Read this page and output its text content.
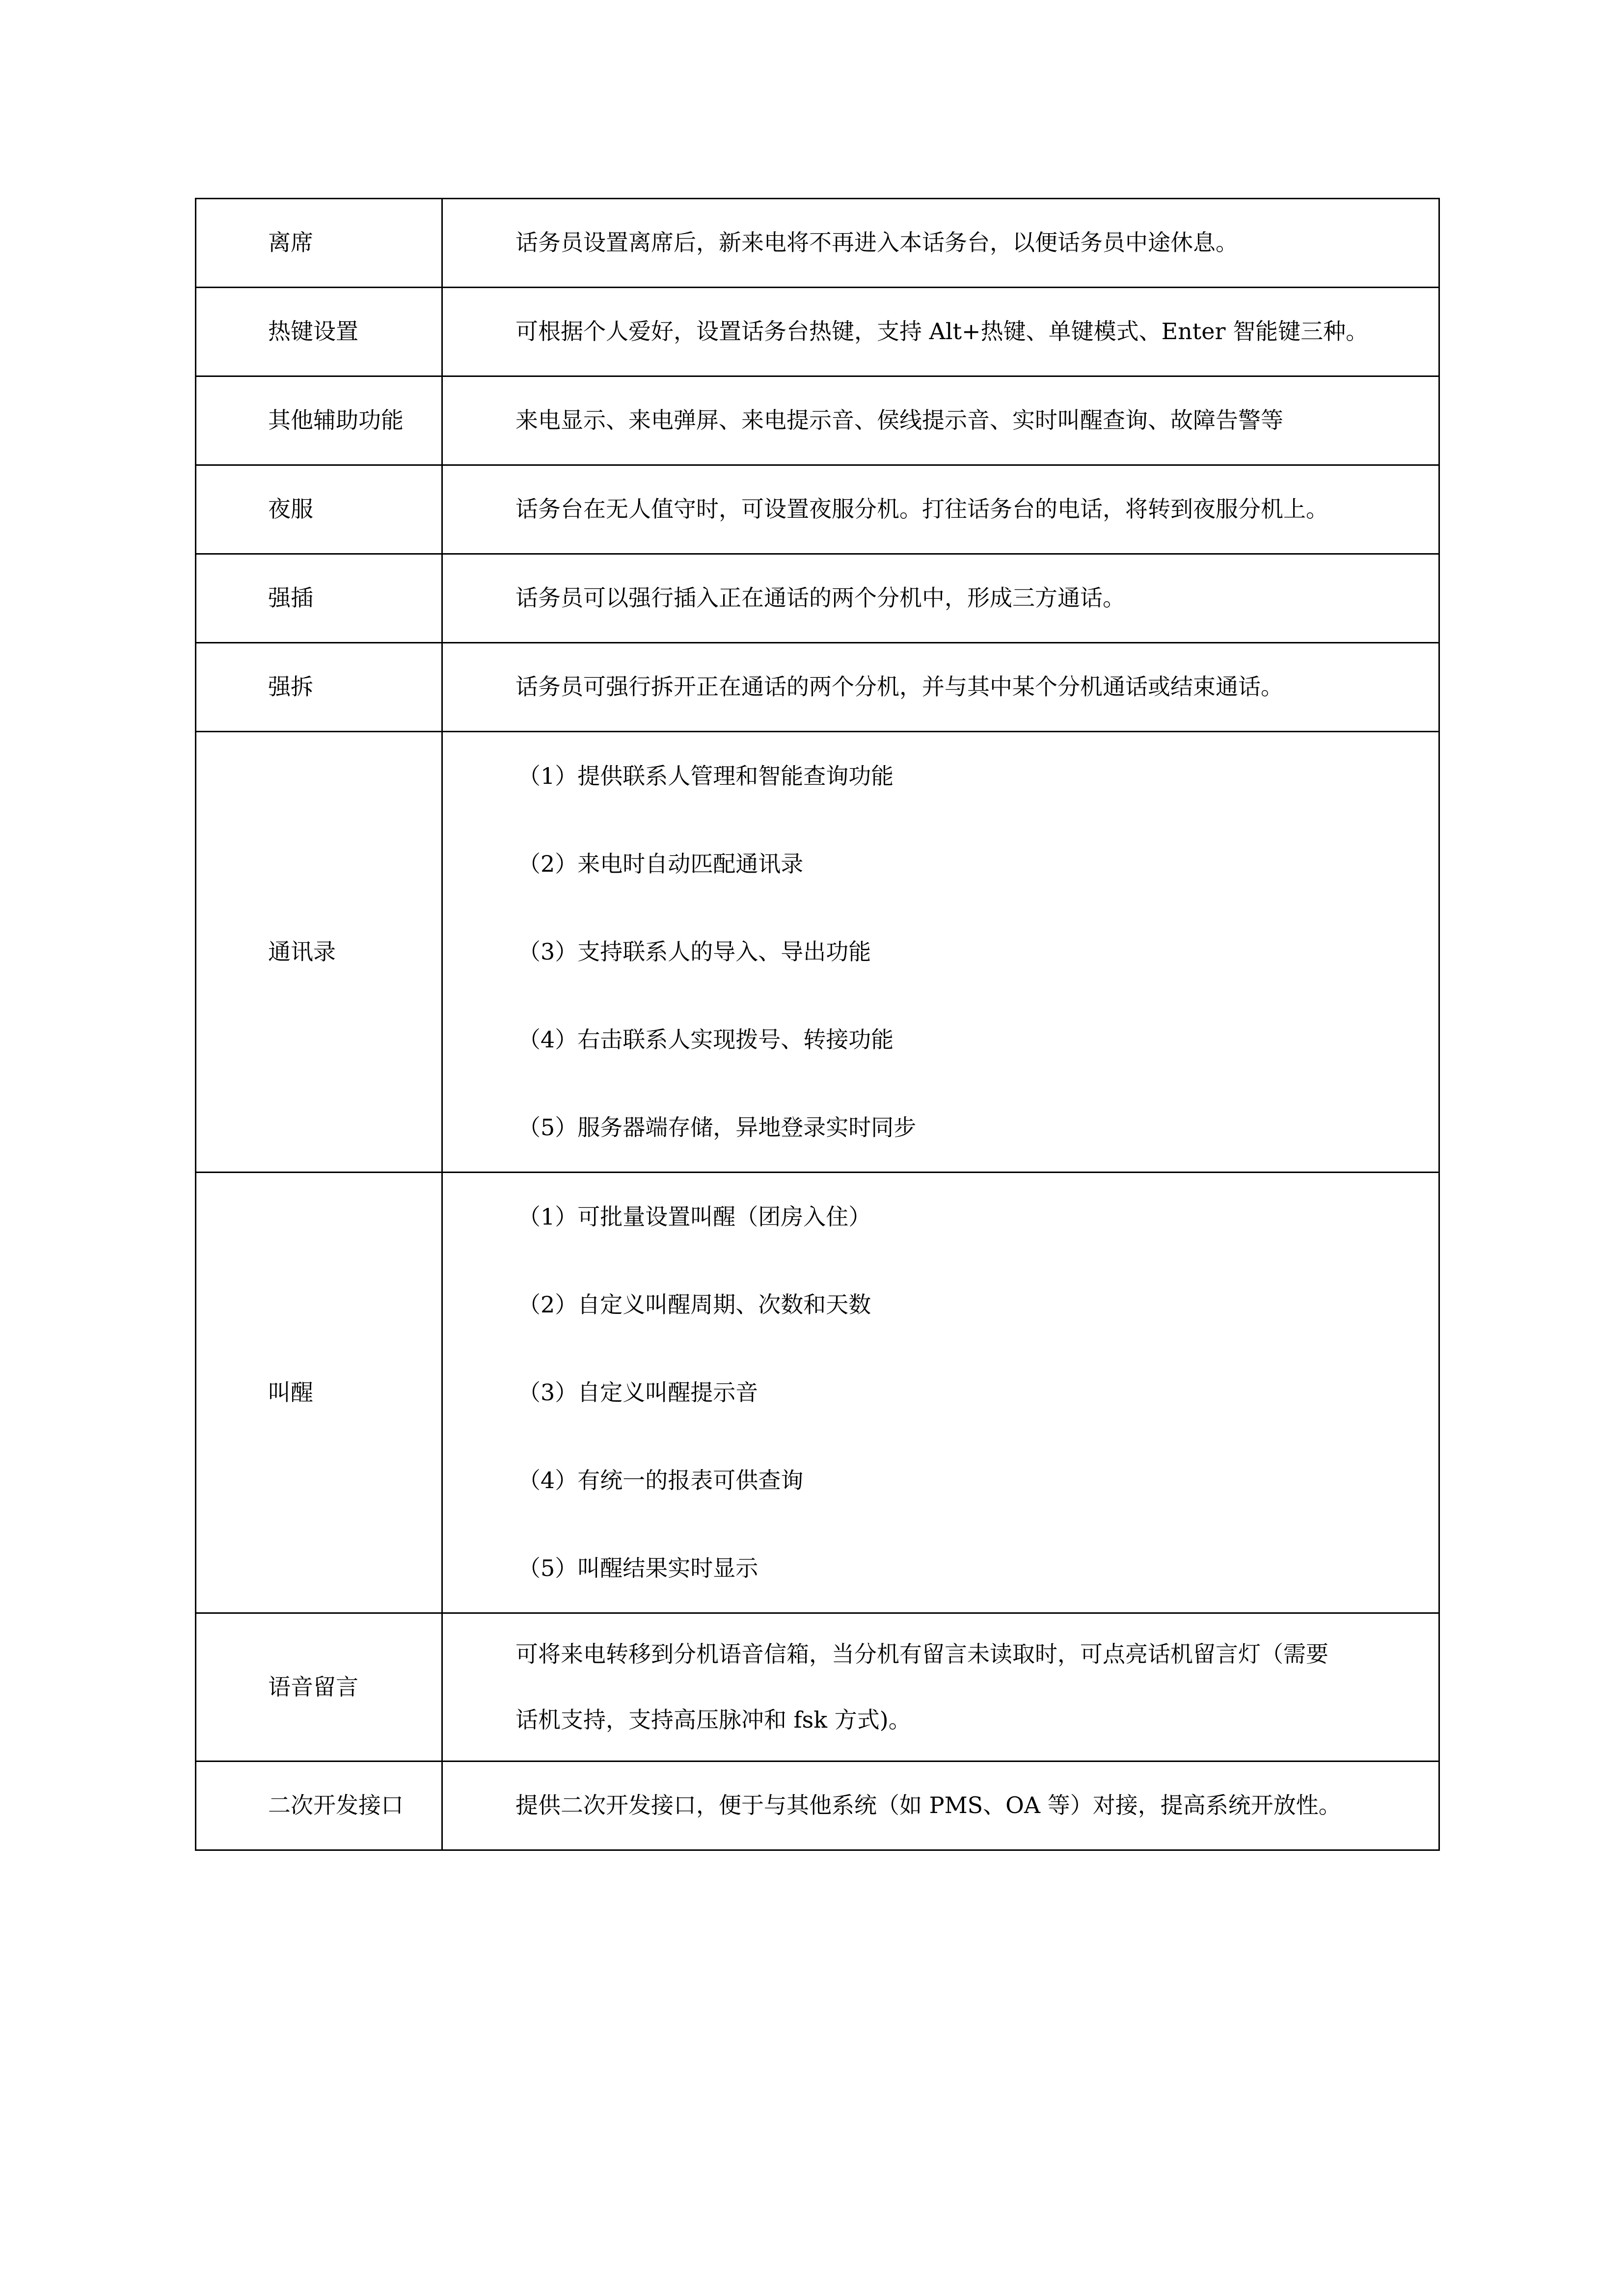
离席	话务员设置离席后，新来电将不再进入本话务台，以便话务员中途休息。
热键设置	可根据个人爱好，设置话务台热键，支持 Alt+热键、单键模式、Enter 智能键三种。
其他辅助功能	来电显示、来电弹屏、来电提示音、侯线提示音、实时叫醒查询、故障告警等
夜服	话务台在无人值守时，可设置夜服分机。打往话务台的电话，将转到夜服分机上。
强插	话务员可以强行插入正在通话的两个分机中，形成三方通话。
强拆	话务员可强行拆开正在通话的两个分机，并与其中某个分机通话或结束通话。
通讯录	（1）提供联系人管理和智能查询功能
（2）来电时自动匹配通讯录
（3）支持联系人的导入、导出功能
（4）右击联系人实现拨号、转接功能
（5）服务器端存储，异地登录实时同步

叫醒	（1）可批量设置叫醒（团房入住）
（2）自定义叫醒周期、次数和天数
（3）自定义叫醒提示音
（4）有统一的报表可供查询
（5）叫醒结果实时显示

语音留言	可将来电转移到分机语音信箱，当分机有留言未读取时，可点亮话机留言灯（需要
话机支持，支持高压脉冲和 fsk 方式)。

二次开发接口	提供二次开发接口，便于与其他系统（如 PMS、OA 等）对接，提高系统开放性。
